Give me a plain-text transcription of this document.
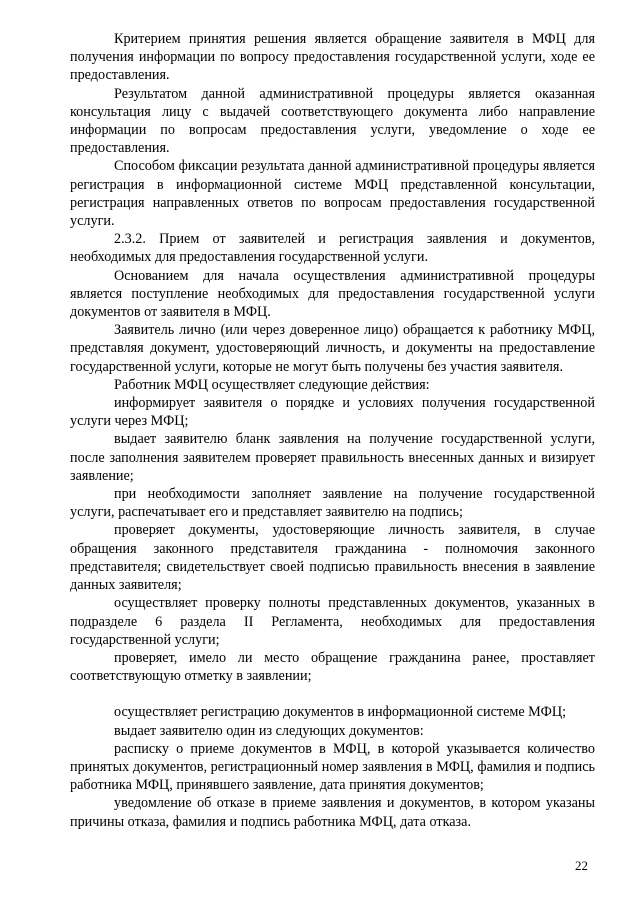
Критерием принятия решения является обращение заявителя в МФЦ для получения информации по вопросу предоставления государственной услуги, ходе ее предоставления.

Результатом данной административной процедуры является оказанная консультация лицу с выдачей соответствующего документа либо направление информации по вопросам предоставления услуги, уведомление о ходе ее предоставления.

Способом фиксации результата данной административной процедуры является регистрация в информационной системе МФЦ представленной консультации, регистрация направленных ответов по вопросам предоставления государственной услуги.

2.3.2. Прием от заявителей и регистрация заявления и документов, необходимых для предоставления государственной услуги.

Основанием для начала осуществления административной процедуры является поступление необходимых для предоставления государственной услуги документов от заявителя в МФЦ.

Заявитель лично (или через доверенное лицо) обращается к работнику МФЦ, представляя документ, удостоверяющий личность, и документы на предоставление государственной услуги, которые не могут быть получены без участия заявителя.

Работник МФЦ осуществляет следующие действия:

информирует заявителя о порядке и условиях получения государственной услуги через МФЦ;

выдает заявителю бланк заявления на получение государственной услуги, после заполнения заявителем проверяет правильность внесенных данных и визирует заявление;

при необходимости заполняет заявление на получение государственной услуги, распечатывает его и представляет заявителю на подпись;

проверяет документы, удостоверяющие личность заявителя, в случае обращения законного представителя гражданина - полномочия законного представителя; свидетельствует своей подписью правильность внесения в заявление данных заявителя;

осуществляет проверку полноты представленных документов, указанных в подразделе 6 раздела II Регламента, необходимых для предоставления государственной услуги;

проверяет, имело ли место обращение гражданина ранее, проставляет соответствующую отметку в заявлении;

осуществляет регистрацию документов в информационной системе МФЦ;

выдает заявителю один из следующих документов:

расписку о приеме документов в МФЦ, в которой указывается количество принятых документов, регистрационный номер заявления в МФЦ, фамилия и подпись работника МФЦ, принявшего заявление, дата принятия документов;

уведомление об отказе в приеме заявления и документов, в котором указаны причины отказа, фамилия и подпись работника МФЦ, дата отказа.

22
